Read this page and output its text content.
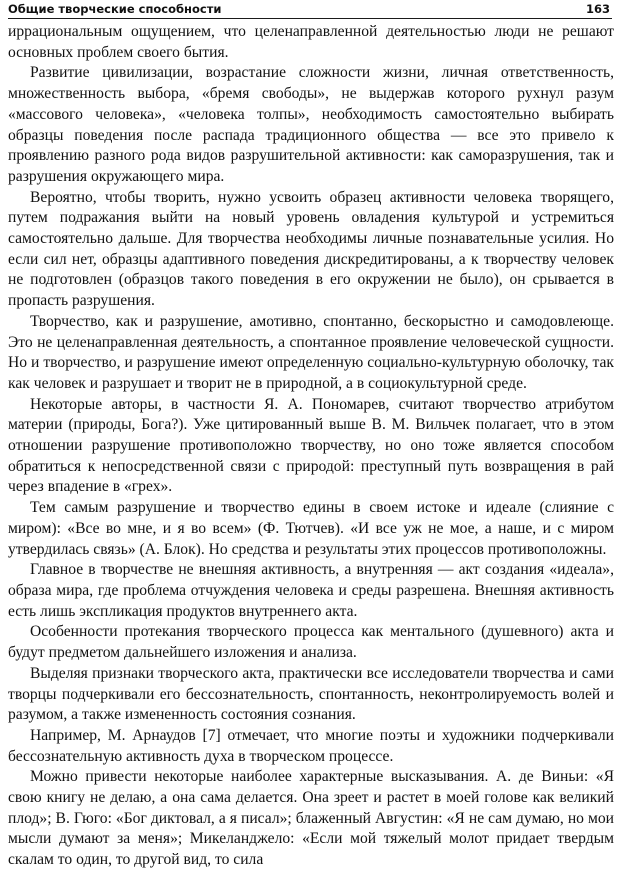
Общие творческие способности	163

иррациональным ощущением, что целенаправленной деятельностью люди не решают основных проблем своего бытия.

Развитие цивилизации, возрастание сложности жизни, личная ответственность, множественность выбора, «бремя свободы», не выдержав которого рухнул разум «массового человека», «человека толпы», необходимость самостоятельно выбирать образцы поведения после распада традиционного общества — все это привело к проявлению разного рода видов разрушительной активности: как саморазрушения, так и разрушения окружающего мира.

Вероятно, чтобы творить, нужно усвоить образец активности человека творящего, путем подражания выйти на новый уровень овладения культурой и устремиться самостоятельно дальше. Для творчества необходимы личные познавательные усилия. Но если сил нет, образцы адаптивного поведения дискредитированы, а к творчеству человек не подготовлен (образцов такого поведения в его окружении не было), он срывается в пропасть разрушения.

Творчество, как и разрушение, амотивно, спонтанно, бескорыстно и самодовлеюще. Это не целенаправленная деятельность, а спонтанное проявление человеческой сущности. Но и творчество, и разрушение имеют определенную социально-культурную оболочку, так как человек и разрушает и творит не в природной, а в социокультурной среде.

Некоторые авторы, в частности Я. А. Пономарев, считают творчество атрибутом материи (природы, Бога?). Уже цитированный выше В. М. Вильчек полагает, что в этом отношении разрушение противоположно творчеству, но оно тоже является способом обратиться к непосредственной связи с природой: преступный путь возвращения в рай через впадение в «грех».

Тем самым разрушение и творчество едины в своем истоке и идеале (слияние с миром): «Все во мне, и я во всем» (Ф. Тютчев). «И все уж не мое, а наше, и с миром утвердилась связь» (А. Блок). Но средства и результаты этих процессов противоположны.

Главное в творчестве не внешняя активность, а внутренняя — акт создания «идеала», образа мира, где проблема отчуждения человека и среды разрешена. Внешняя активность есть лишь экспликация продуктов внутреннего акта.

Особенности протекания творческого процесса как ментального (душевного) акта и будут предметом дальнейшего изложения и анализа.

Выделяя признаки творческого акта, практически все исследователи творчества и сами творцы подчеркивали его бессознательность, спонтанность, неконтролируемость волей и разумом, а также измененность состояния сознания.

Например, М. Арнаудов [7] отмечает, что многие поэты и художники подчеркивали бессознательную активность духа в творческом процессе.

Можно привести некоторые наиболее характерные высказывания. А. де Виньи: «Я свою книгу не делаю, а она сама делается. Она зреет и растет в моей голове как великий плод»; В. Гюго: «Бог диктовал, а я писал»; блаженный Августин: «Я не сам думаю, но мои мысли думают за меня»; Микеланджело: «Если мой тяжелый молот придает твердым скалам то один, то другой вид, то сила
